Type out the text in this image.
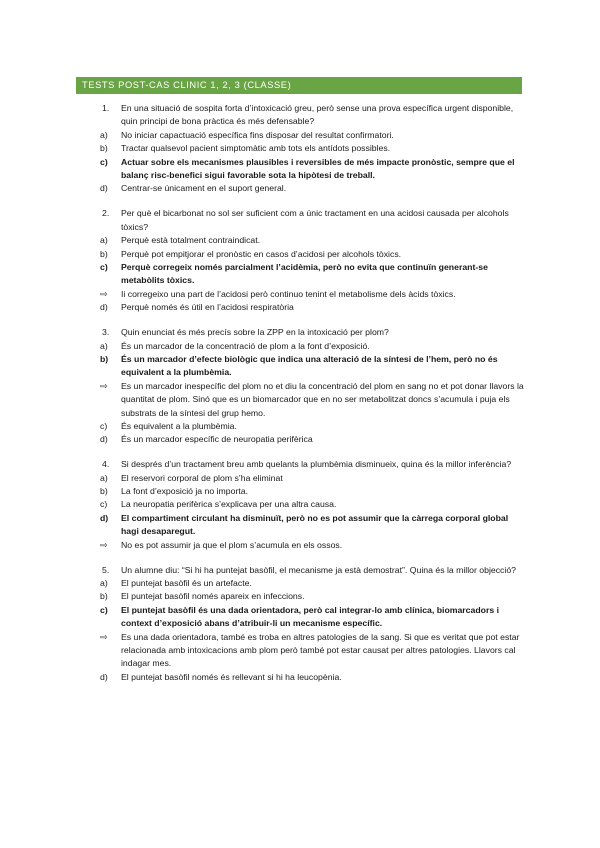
TESTS POST-CAS CLINIC 1, 2, 3 (CLASSE)
1.	En una situació de sospita forta d’intoxicació greu, però sense una prova específica urgent disponible, quin principi de bona pràctica és més defensable?
a)	No iniciar capactuació específica fins disposar del resultat confirmatori.
b)	Tractar qualsevol pacient simptomàtic amb tots els antídots possibles.
c)	Actuar sobre els mecanismes plausibles i reversibles de més impacte pronòstic, sempre que el balanç risc-benefici sigui favorable sota la hipòtesi de treball.
d)	Centrar-se únicament en el suport general.
2.	Per què el bicarbonat no sol ser suficient com a únic tractament en una acidosi causada per alcohols tòxics?
a)	Perquè està totalment contraindicat.
b)	Perquè pot empitjorar el pronòstic en casos d’acidosi per alcohols tòxics.
c)	Perquè corregeix només parcialment l’acidèmia, però no evita que continuïn generant-se metabòlits tòxics.
⇨	Ii corregeixo una part de l’acidosi però continuo tenint el metabolisme dels àcids tòxics.
d)	Perquè només és útil en l’acidosi respiratòria
3.	Quin enunciat és més precís sobre la ZPP en la intoxicació per plom?
a)	És un marcador de la concentració de plom a la font d’exposició.
b)	És un marcador d’efecte biològic que indica una alteració de la síntesi de l’hem, però no és equivalent a la plumbèmia.
⇨	Es un marcador inespecífic del plom no et diu la concentració del plom en sang no et pot donar llavors la quantitat de plom. Sinó que es un biomarcador que en no ser metabolitzat doncs s’acumula i puja els substrats de la síntesi del grup hemo.
c)	És equivalent a la plumbèmia.
d)	És un marcador específic de neuropatia perifèrica
4.	Si després d’un tractament breu amb quelants la plumbèmia disminueix, quina és la millor inferència?
a)	El reservori corporal de plom s’ha eliminat
b)	La font d’exposició ja no importa.
c)	La neuropatia perifèrica s’explicava per una altra causa.
d)	El compartiment circulant ha disminuït, però no es pot assumir que la càrrega corporal global hagi desaparegut.
⇨	No es pot assumir ja que el plom s’acumula en els ossos.
5.	Un alumne diu: “Si hi ha puntejat basòfil, el mecanisme ja està demostrat”. Quina és la millor objecció?
a)	El puntejat basòfil és un artefacte.
b)	El puntejat basòfil només apareix en infeccions.
c)	El puntejat basòfil és una dada orientadora, però cal integrar-lo amb clínica, biomarcadors i context d’exposició abans d’atribuir-li un mecanisme específic.
⇨	Es una dada orientadora, també es troba en altres patologies de la sang. Si que es veritat que pot estar relacionada amb intoxicacions amb plom però també pot estar causat per altres patologies. Llavors cal indagar mes.
d)	El puntejat basòfil només és rellevant si hi ha leucopènia.
